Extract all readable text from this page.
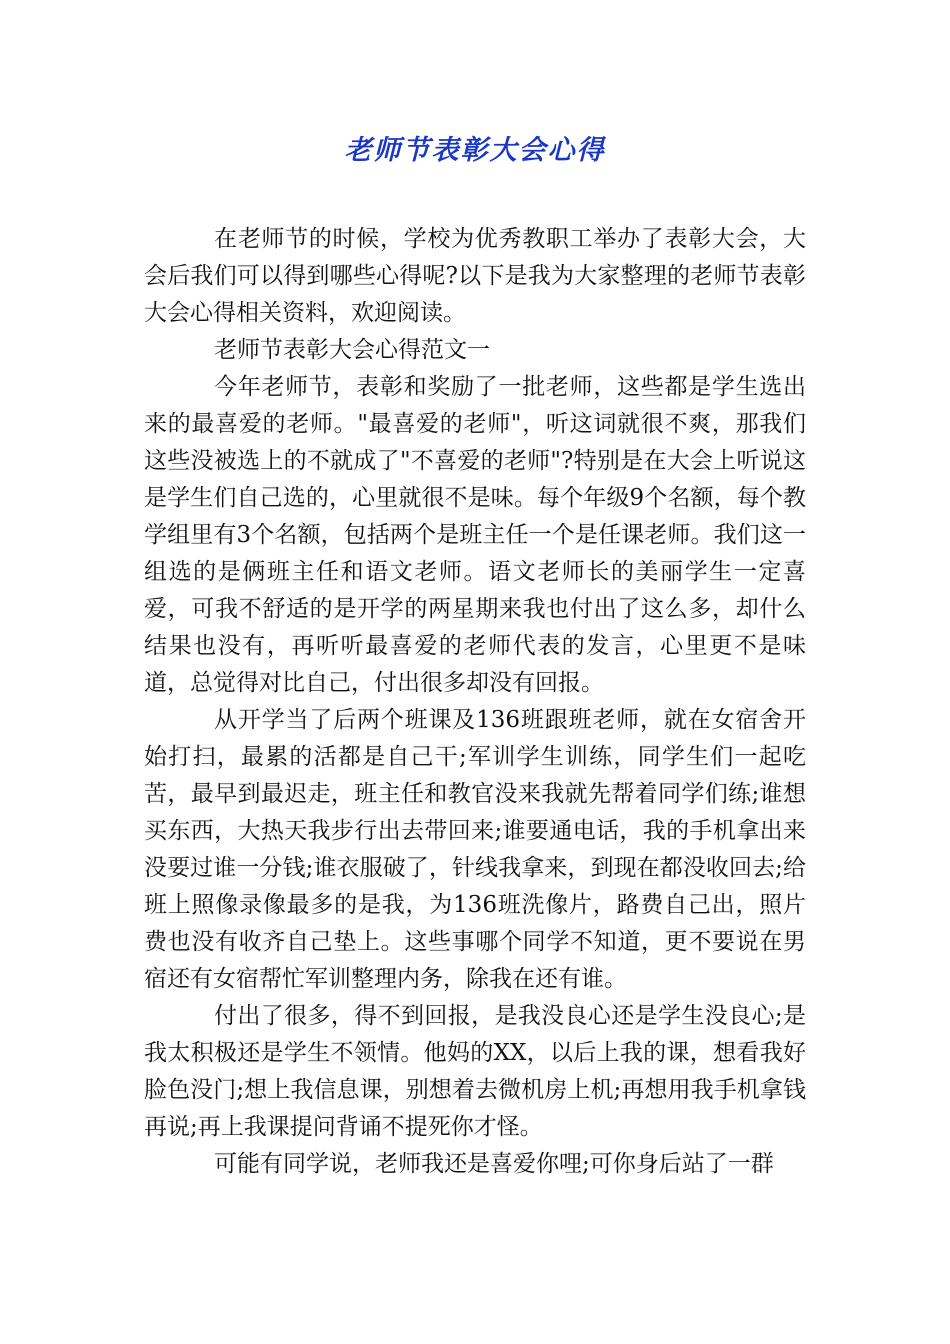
老师节表彰大会心得

在老师节的时候，学校为优秀教职工举办了表彰大会，大会后我们可以得到哪些心得呢?以下是我为大家整理的老师节表彰大会心得相关资料，欢迎阅读。

老师节表彰大会心得范文一

今年老师节，表彰和奖励了一批老师，这些都是学生选出来的最喜爱的老师。"最喜爱的老师"，听这词就很不爽，那我们这些没被选上的不就成了"不喜爱的老师"?特别是在大会上听说这是学生们自己选的，心里就很不是味。每个年级9个名额，每个教学组里有3个名额，包括两个是班主任一个是任课老师。我们这一组选的是俩班主任和语文老师。语文老师长的美丽学生一定喜爱，可我不舒适的是开学的两星期来我也付出了这么多，却什么结果也没有，再听听最喜爱的老师代表的发言，心里更不是味道，总觉得对比自己，付出很多却没有回报。

从开学当了后两个班课及136班跟班老师，就在女宿舍开始打扫，最累的活都是自己干;军训学生训练，同学生们一起吃苦，最早到最迟走，班主任和教官没来我就先帮着同学们练;谁想买东西，大热天我步行出去带回来;谁要通电话，我的手机拿出来没要过谁一分钱;谁衣服破了，针线我拿来，到现在都没收回去;给班上照像录像最多的是我，为136班洗像片，路费自己出，照片费也没有收齐自己垫上。这些事哪个同学不知道，更不要说在男宿还有女宿帮忙军训整理内务，除我在还有谁。

付出了很多，得不到回报，是我没良心还是学生没良心;是我太积极还是学生不领情。他妈的XX，以后上我的课，想看我好脸色没门;想上我信息课，别想着去微机房上机;再想用我手机拿钱再说;再上我课提问背诵不提死你才怪。

可能有同学说，老师我还是喜爱你哩;可你身后站了一群
